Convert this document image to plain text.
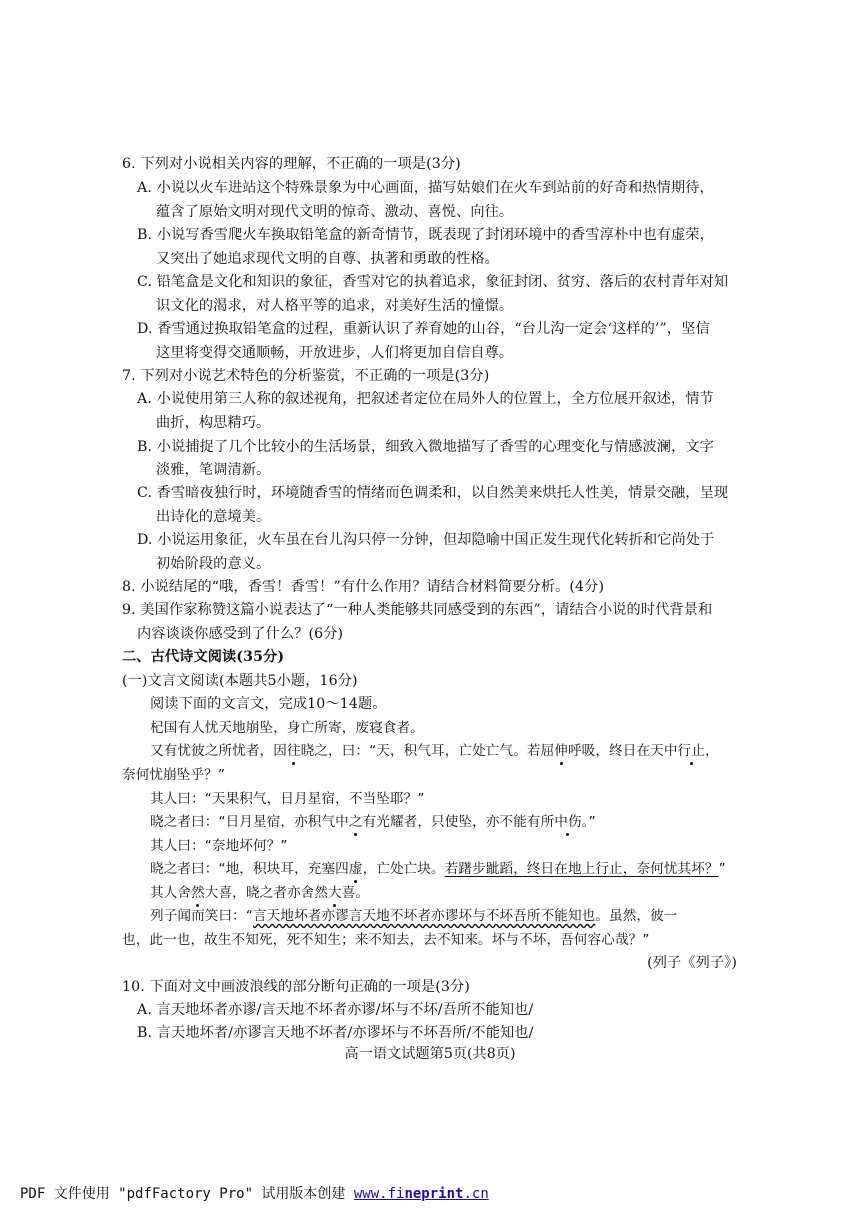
6. 下列对小说相关内容的理解，不正确的一项是(3分)
A. 小说以火车进站这个特殊景象为中心画面，描写姑娘们在火车到站前的好奇和热情期待，
蕴含了原始文明对现代文明的惊奇、激动、喜悦、向往。
B. 小说写香雪爬火车换取铅笔盒的新奇情节，既表现了封闭环境中的香雪淳朴中也有虚荣，
又突出了她追求现代文明的自尊、执著和勇敢的性格。
C. 铅笔盒是文化和知识的象征，香雪对它的执着追求，象征封闭、贫穷、落后的农村青年对知
识文化的渴求，对人格平等的追求，对美好生活的憧憬。
D. 香雪通过换取铅笔盒的过程，重新认识了养育她的山谷，“台儿沟一定会‘这样的’”，坚信
这里将变得交通顺畅，开放进步，人们将更加自信自尊。
7. 下列对小说艺术特色的分析鉴赏，不正确的一项是(3分)
A. 小说使用第三人称的叙述视角，把叙述者定位在局外人的位置上，全方位展开叙述，情节
曲折，构思精巧。
B. 小说捕捉了几个比较小的生活场景，细致入微地描写了香雪的心理变化与情感波澜，文字
淡雅，笔调清新。
C. 香雪暗夜独行时，环境随香雪的情绪而色调柔和，以自然美来烘托人性美，情景交融，呈现
出诗化的意境美。
D. 小说运用象征，火车虽在台儿沟只停一分钟，但却隐喻中国正发生现代化转折和它尚处于
初始阶段的意义。
8. 小说结尾的“哦，香雪！香雪！”有什么作用？请结合材料简要分析。(4分)
9. 美国作家称赞这篇小说表达了“一种人类能够共同感受到的东西”，请结合小说的时代背景和
内容谈谈你感受到了什么？(6分)
二、古代诗文阅读(35分)
(一)文言文阅读(本题共5小题，16分)
阅读下面的文言文，完成10～14题。
杞国有人忧天地崩坠，身亡所寄，废寝食者。
又有忧彼之所忧者，因往晓之，曰：“天，积气耳，亡处亡气。若屈伸呼吸，终日在天中行止，
奈何忧崩坠乎？”
其人曰：“天果积气，日月星宿，不当坠耶？”
晓之者曰：“日月星宿，亦积气中之有光耀者，只使坠，亦不能有所中伤。”
其人曰：“奈地坏何？”
晓之者曰：“地，积块耳，充塞四虚，亡处亡块。若躇步跐蹈，终日在地上行止，奈何忧其坏？”
其人舍然大喜，晓之者亦舍然大喜。
列子闻而笑曰：“言天地坏者亦谬言天地不坏者亦谬坏与不坏吾所不能知也。虽然，彼一
也，此一也，故生不知死，死不知生；来不知去，去不知来。坏与不坏，吾何容心哉？”
(列子《列子》)
10. 下面对文中画波浪线的部分断句正确的一项是(3分)
A. 言天地坏者亦谬/言天地不坏者亦谬/坏与不坏/吾所不能知也/
B. 言天地坏者/亦谬言天地不坏者/亦谬坏与不坏吾所/不能知也/
高一语文试题第5页(共8页)
PDF 文件使用 "pdfFactory Pro" 试用版本创建 www.fineprint.cn
